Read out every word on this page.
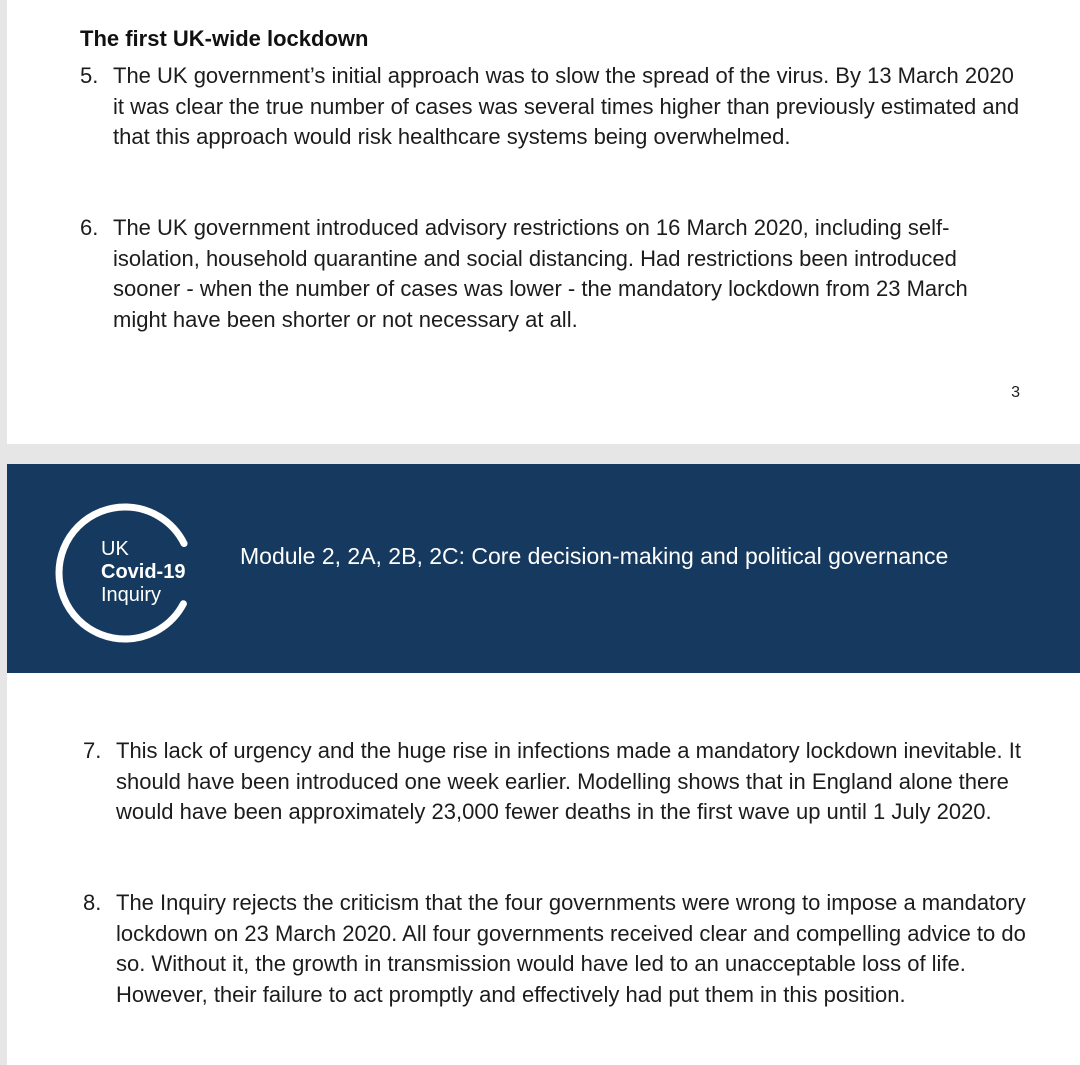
The first UK-wide lockdown
5. The UK government’s initial approach was to slow the spread of the virus. By 13 March 2020 it was clear the true number of cases was several times higher than previously estimated and that this approach would risk healthcare systems being overwhelmed.
6. The UK government introduced advisory restrictions on 16 March 2020, including self-isolation, household quarantine and social distancing. Had restrictions been introduced sooner - when the number of cases was lower - the mandatory lockdown from 23 March might have been shorter or not necessary at all.
3
UK
Covid-19
Inquiry
Module 2, 2A, 2B, 2C: Core decision-making and political governance
7. This lack of urgency and the huge rise in infections made a mandatory lockdown inevitable. It should have been introduced one week earlier. Modelling shows that in England alone there would have been approximately 23,000 fewer deaths in the first wave up until 1 July 2020.
8. The Inquiry rejects the criticism that the four governments were wrong to impose a mandatory lockdown on 23 March 2020. All four governments received clear and compelling advice to do so. Without it, the growth in transmission would have led to an unacceptable loss of life. However, their failure to act promptly and effectively had put them in this position.
